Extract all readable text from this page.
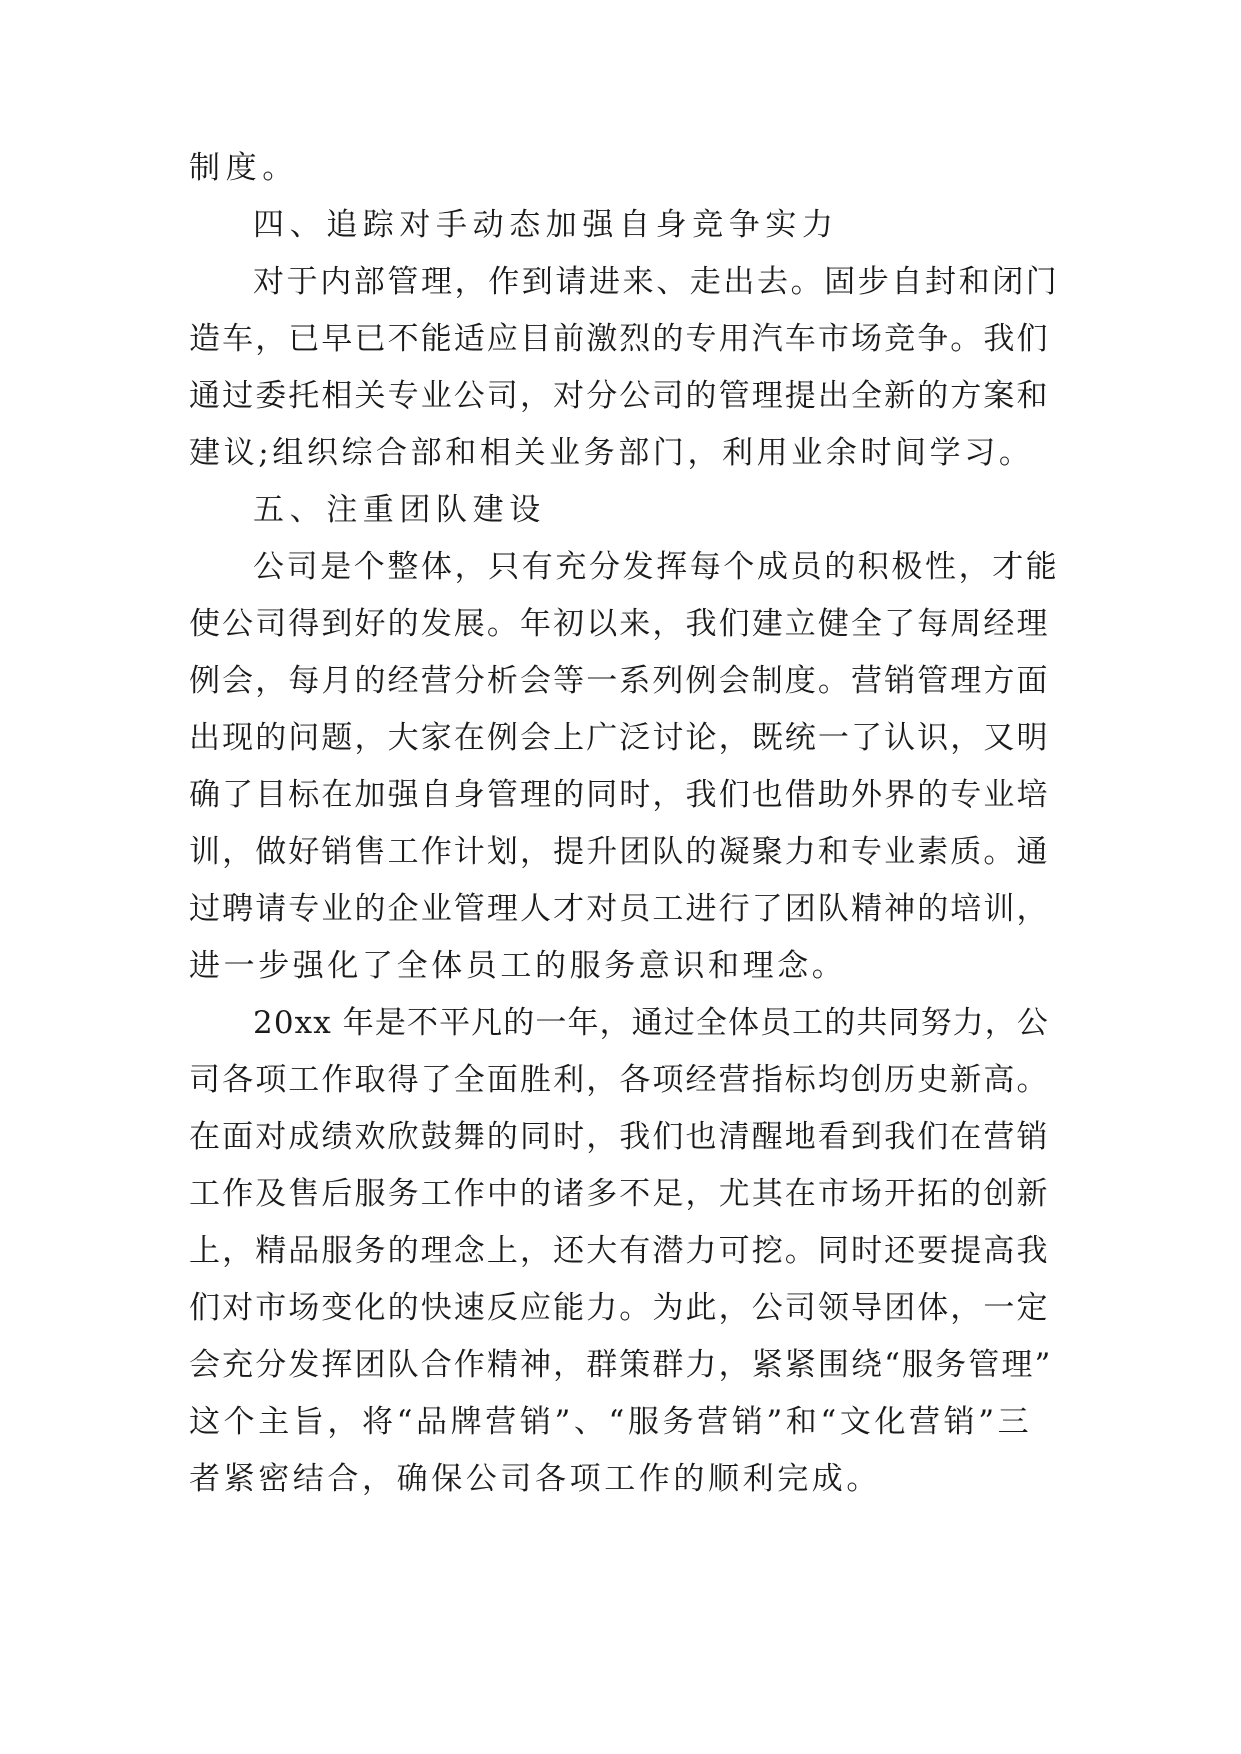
制度。
四、追踪对手动态加强自身竞争实力
对于内部管理，作到请进来、走出去。固步自封和闭门
造车，已早已不能适应目前激烈的专用汽车市场竞争。我们
通过委托相关专业公司，对分公司的管理提出全新的方案和
建议;组织综合部和相关业务部门，利用业余时间学习。
五、注重团队建设
公司是个整体，只有充分发挥每个成员的积极性，才能
使公司得到好的发展。年初以来，我们建立健全了每周经理
例会，每月的经营分析会等一系列例会制度。营销管理方面
出现的问题，大家在例会上广泛讨论，既统一了认识，又明
确了目标在加强自身管理的同时，我们也借助外界的专业培
训，做好销售工作计划，提升团队的凝聚力和专业素质。通
过聘请专业的企业管理人才对员工进行了团队精神的培训，
进一步强化了全体员工的服务意识和理念。
20xx 年是不平凡的一年，通过全体员工的共同努力，公
司各项工作取得了全面胜利，各项经营指标均创历史新高。
在面对成绩欢欣鼓舞的同时，我们也清醒地看到我们在营销
工作及售后服务工作中的诸多不足，尤其在市场开拓的创新
上，精品服务的理念上，还大有潜力可挖。同时还要提高我
们对市场变化的快速反应能力。为此，公司领导团体，一定
会充分发挥团队合作精神，群策群力，紧紧围绕“服务管理”
这个主旨，将“品牌营销”、“服务营销”和“文化营销”三
者紧密结合，确保公司各项工作的顺利完成。
